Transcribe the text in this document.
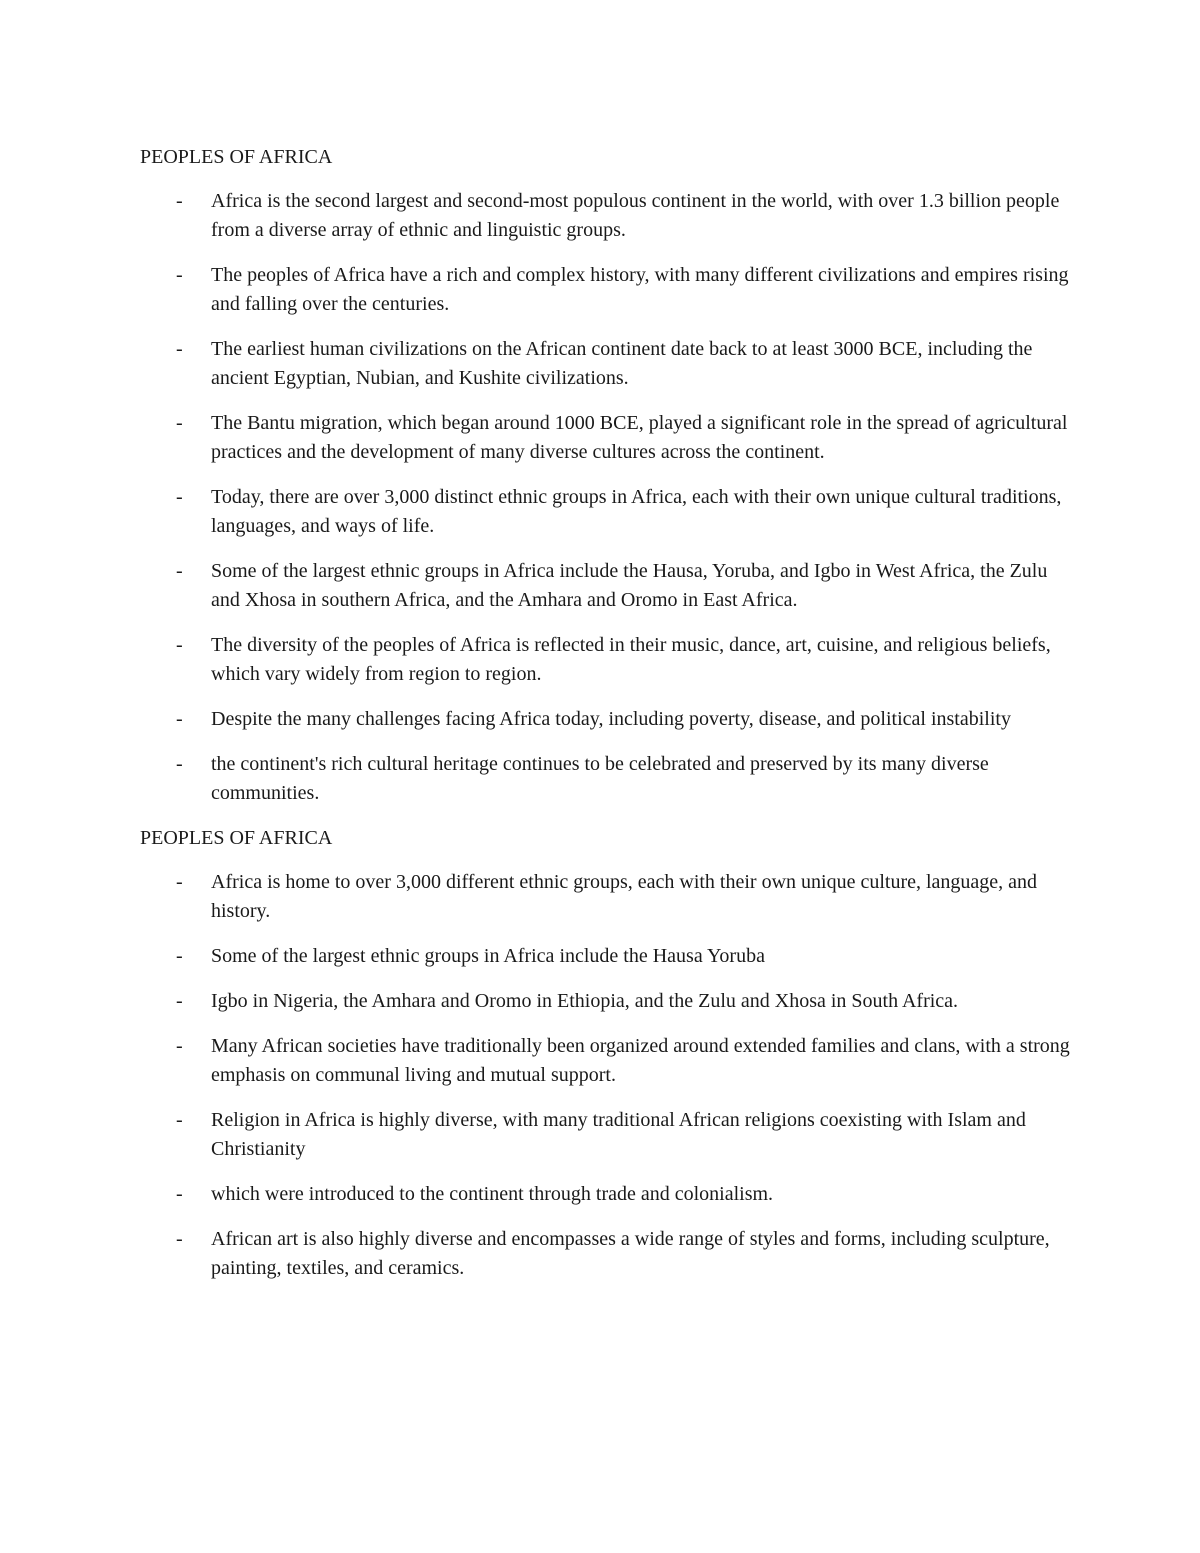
PEOPLES OF AFRICA
- Africa is the second largest and second-most populous continent in the world, with over 1.3 billion people from a diverse array of ethnic and linguistic groups.
- The peoples of Africa have a rich and complex history, with many different civilizations and empires rising and falling over the centuries.
- The earliest human civilizations on the African continent date back to at least 3000 BCE, including the ancient Egyptian, Nubian, and Kushite civilizations.
- The Bantu migration, which began around 1000 BCE, played a significant role in the spread of agricultural practices and the development of many diverse cultures across the continent.
- Today, there are over 3,000 distinct ethnic groups in Africa, each with their own unique cultural traditions, languages, and ways of life.
- Some of the largest ethnic groups in Africa include the Hausa, Yoruba, and Igbo in West Africa, the Zulu and Xhosa in southern Africa, and the Amhara and Oromo in East Africa.
- The diversity of the peoples of Africa is reflected in their music, dance, art, cuisine, and religious beliefs, which vary widely from region to region.
- Despite the many challenges facing Africa today, including poverty, disease, and political instability
- the continent's rich cultural heritage continues to be celebrated and preserved by its many diverse communities.
PEOPLES OF AFRICA
- Africa is home to over 3,000 different ethnic groups, each with their own unique culture, language, and history.
- Some of the largest ethnic groups in Africa include the Hausa Yoruba
- Igbo in Nigeria, the Amhara and Oromo in Ethiopia, and the Zulu and Xhosa in South Africa.
- Many African societies have traditionally been organized around extended families and clans, with a strong emphasis on communal living and mutual support.
- Religion in Africa is highly diverse, with many traditional African religions coexisting with Islam and Christianity
- which were introduced to the continent through trade and colonialism.
- African art is also highly diverse and encompasses a wide range of styles and forms, including sculpture, painting, textiles, and ceramics.
